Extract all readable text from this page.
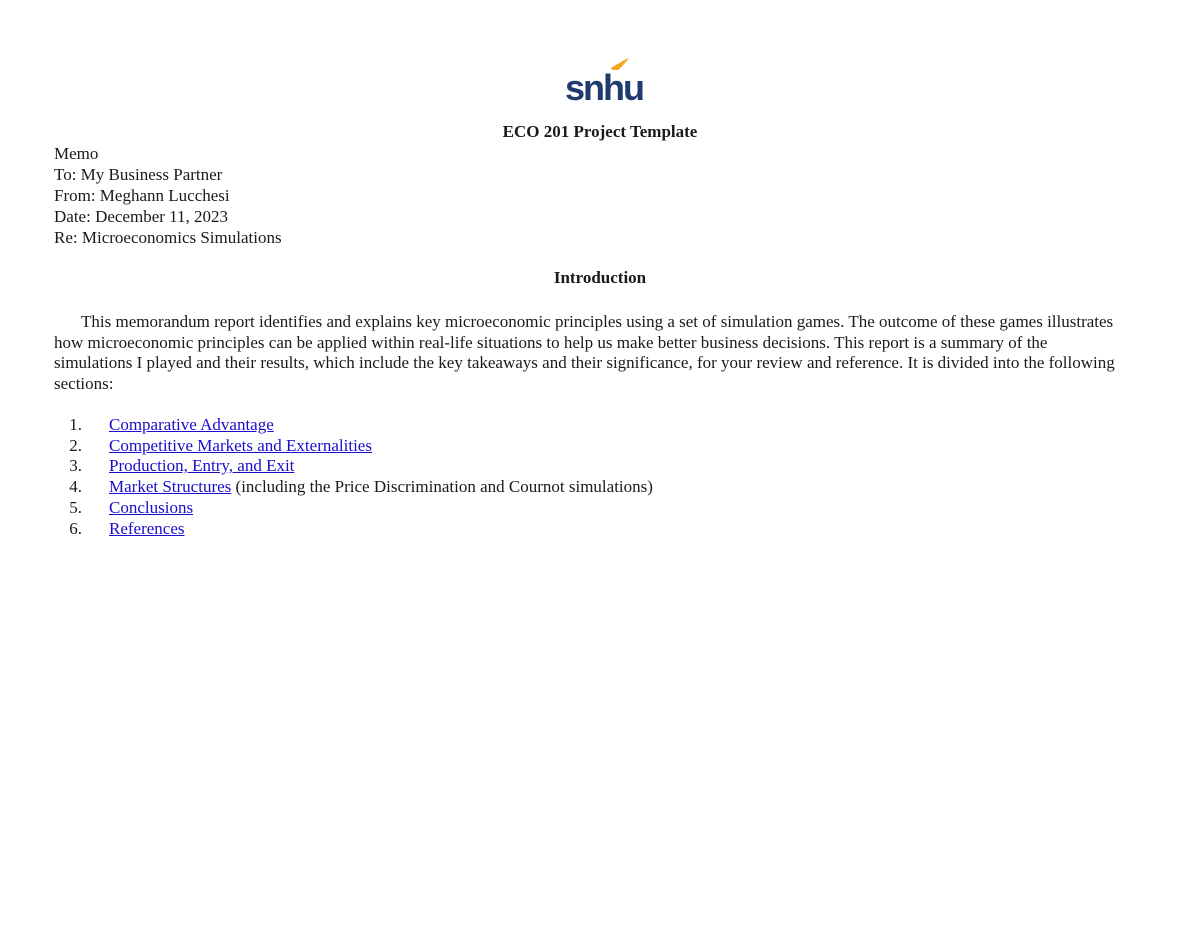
snhu
ECO 201 Project Template
Memo
To: My Business Partner
From: Meghann Lucchesi
Date: December 11, 2023
Re: Microeconomics Simulations
Introduction

This memorandum report identifies and explains key microeconomic principles using a set of simulation games. The outcome of these games illustrates how microeconomic principles can be applied within real-life situations to help us make better business decisions. This report is a summary of the simulations I played and their results, which include the key takeaways and their significance, for your review and reference. It is divided into the following sections:

1.	Comparative Advantage
2.	Competitive Markets and Externalities
3.	Production, Entry, and Exit
4.	Market Structures (including the Price Discrimination and Cournot simulations)
5.	Conclusions
6.	References
